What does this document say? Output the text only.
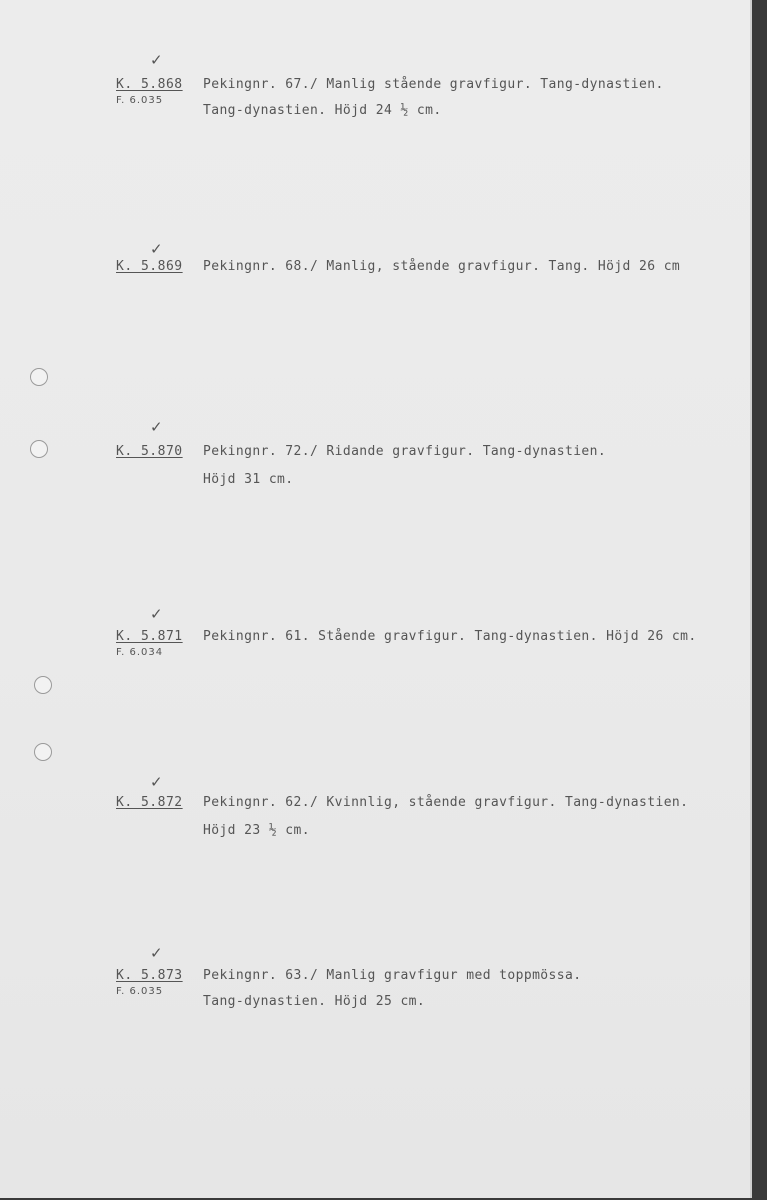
✓
K. 5.868
F. 6.035
Pekingnr. 67./ Manlig stående gravfigur. Tang-dynastien.
Tang-dynastien. Höjd 24 ½ cm.
✓
K. 5.869 Pekingnr. 68./ Manlig, stående gravfigur. Tang. Höjd 26 cm
✓
K. 5.870 Pekingnr. 72./ Ridande gravfigur. Tang-dynastien.
Höjd 31 cm.
✓
K. 5.871
F. 6.034
Pekingnr. 61. Stående gravfigur. Tang-dynastien. Höjd 26 cm.
✓
K. 5.872 Pekingnr. 62./ Kvinnlig, stående gravfigur. Tang-dynastien.
Höjd 23 ½ cm.
✓
K. 5.873
F. 6.035
Pekingnr. 63./ Manlig gravfigur med toppmössa.
Tang-dynastien. Höjd 25 cm.
